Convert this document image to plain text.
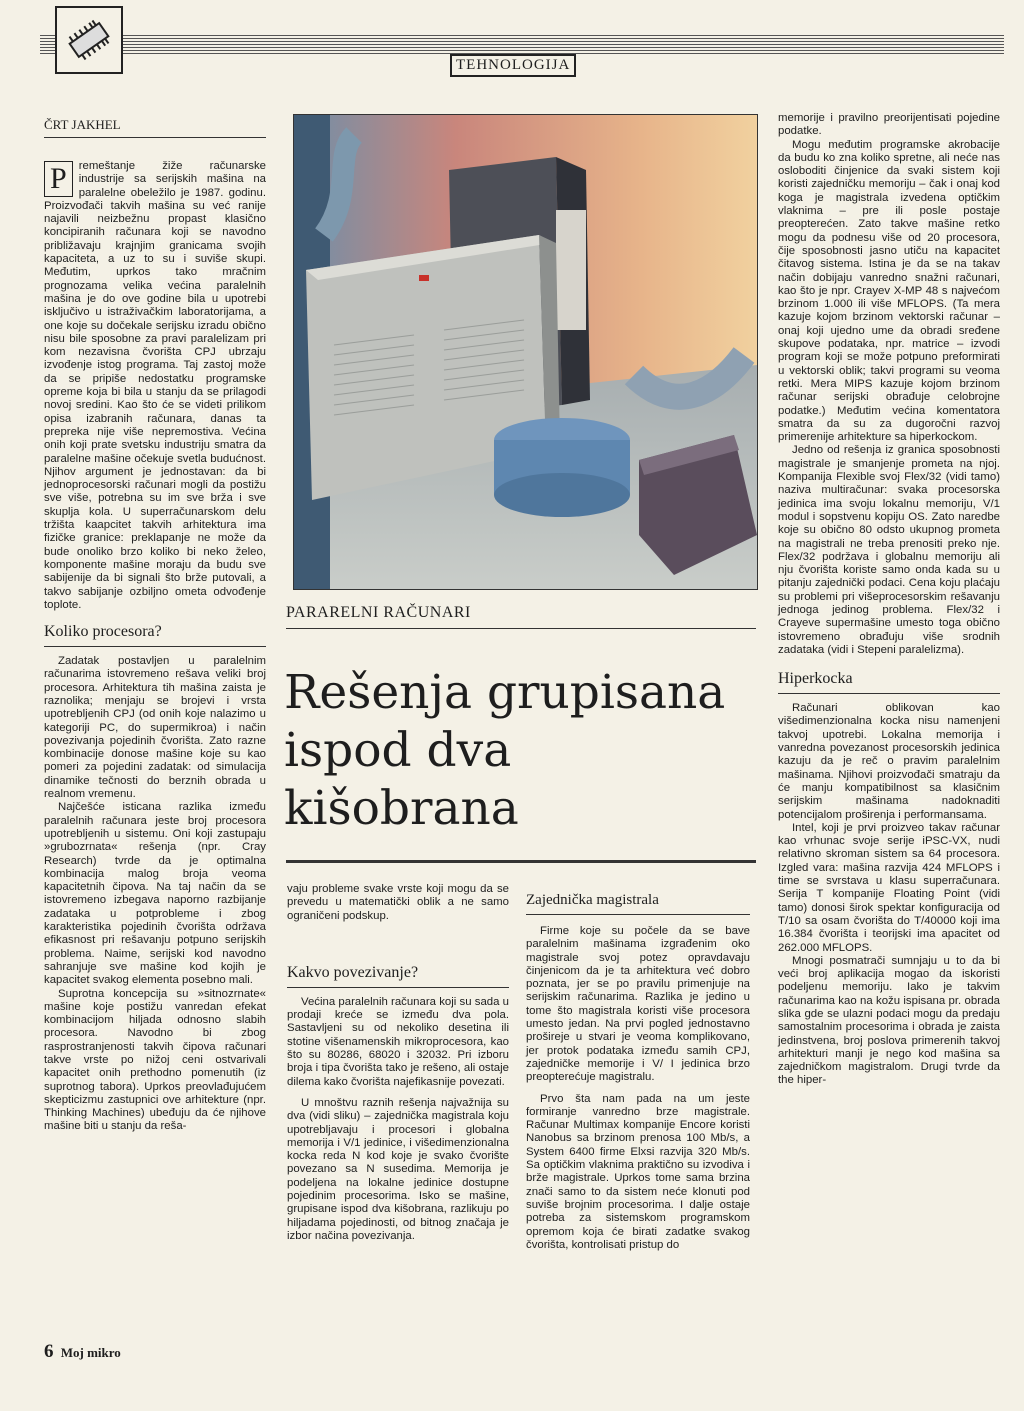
TEHNOLOGIJA
ČRT JAKHEL

P	remeštanje žiže računarske industrije sa serijskih mašina na paralelne obeležilo je 1987. godinu. Proizvođači takvih mašina su već ranije najavili neizbežnu propast klasično koncipiranih računara koji se navodno približavaju krajnjim granicama svojih kapaciteta, a uz to su i suviše skupi. Međutim, uprkos tako mračnim prognozama velika većina paralelnih mašina je do ove godine bila u upotrebi isključivo u istraživačkim laboratorijama, a one koje su dočekale serijsku izradu obično nisu bile sposobne za pravi paralelizam pri kom nezavisna čvorišta CPJ ubrzaju izvođenje istog programa. Taj zastoj može da se pripiše nedostatku programske opreme koja bi bila u stanju da se prilagodi novoj sredini. Kao što će se videti prilikom opisa izabranih računara, danas ta prepreka nije više nepremostiva. Većina onih koji prate svetsku industriju smatra da paralelne mašine očekuje svetla budućnost. Njihov argument je jednostavan: da bi jednoprocesorski računari mogli da postižu sve više, potrebna su im sve brža i sve skuplja kola. U superračunarskom delu tržišta kaapcitet takvih arhitektura ima fizičke granice: preklapanje ne može da bude onoliko brzo koliko bi neko želeo, komponente mašine moraju da budu sve sabijenije da bi signali što brže putovali, a takvo sabijanje ozbiljno ometa odvođenje toplote.

Koliko procesora?

Zadatak postavljen u paralelnim računarima istovremeno rešava veliki broj procesora. Arhitektura tih mašina zaista je raznolika; menjaju se brojevi i vrsta upotrebljenih CPJ (od onih koje nalazimo u kategoriji PC, do supermikroa) i način povezivanja pojedinih čvorišta. Zato razne kombinacije donose mašine koje su kao pomeri za pojedini zadatak: od simulacija dinamike tečnosti do berznih obrada u realnom vremenu.

Najčešće isticana razlika između paralelnih računara jeste broj procesora upotrebljenih u sistemu. Oni koji zastupaju »grubozrnata« rešenja (npr. Cray Research) tvrde da je optimalna kombinacija malog broja veoma kapacitetnih čipova. Na taj način da se istovremeno izbegava naporno razbijanje zadataka u potprobleme i zbog karakteristika pojedinih čvorišta održava efikasnost pri rešavanju potpuno serijskih problema. Naime, serijski kod navodno sahranjuje sve mašine kod kojih je kapacitet svakog elementa posebno mali.

Suprotna koncepcija su »sitnozrnate« mašine koje postižu vanredan efekat kombinacijom hiljada odnosno slabih procesora. Navodno bi zbog rasprostranjenosti takvih čipova računari takve vrste po nižoj ceni ostvarivali kapacitet onih prethodno pomenutih (iz suprotnog tabora). Uprkos preovlađujućem skepticizmu zastupnici ove arhitekture (npr. Thinking Machines) ubeđuju da će njihove mašine biti u stanju da reša-

PARARELNI RAČUNARI
Rešenja grupisana ispod dva kišobrana

vaju probleme svake vrste koji mogu da se prevedu u matematički oblik a ne samo ograničeni podskup.

Kakvo povezivanje?

Većina paralelnih računara koji su sada u prodaji kreće se između dva pola. Sastavljeni su od nekoliko desetina ili stotine višenamenskih mikroprocesora, kao što su 80286, 68020 i 32032. Pri izboru broja i tipa čvorišta tako je rešeno, ali ostaje dilema kako čvorišta najefikasnije povezati.

U mnoštvu raznih rešenja najvažnija su dva (vidi sliku) – zajednička magistrala koju upotrebljavaju i procesori i globalna memorija i V/1 jedinice, i višedimenzionalna kocka reda N kod koje je svako čvorište povezano sa N susedima. Memorija je podeljena na lokalne jedinice dostupne pojedinim procesorima. Isko se mašine, grupisane ispod dva kišobrana, razlikuju po hiljadama pojedinosti, od bitnog značaja je izbor načina povezivanja.

Zajednička magistrala

Firme koje su počele da se bave paralelnim mašinama izgrađenim oko magistrale svoj potez opravdavaju činjenicom da je ta arhitektura već dobro poznata, jer se po pravilu primenjuje na serijskim računarima. Razlika je jedino u tome što magistrala koristi više procesora umesto jedan. Na prvi pogled jednostavno prošireje u stvari je veoma komplikovano, jer protok podataka između samih CPJ, zajedničke memorije i V/ I jedinica brzo preopterećuje magistralu.

Prvo šta nam pada na um jeste formiranje vanredno brze magistrale. Računar Multimax kompanije Encore koristi Nanobus sa brzinom prenosa 100 Mb/s, a System 6400 firme Elxsi razvija 320 Mb/s. Sa optičkim vlaknima praktično su izvodiva i brže magistrale. Uprkos tome sama brzina znači samo to da sistem neće klonuti pod suviše brojnim procesorima. I dalje ostaje potreba za sistemskom programskom opremom koja će birati zadatke svakog čvorišta, kontrolisati pristup do

memorije i pravilno preorijentisati pojedine podatke.

Mogu međutim programske akrobacije da budu ko zna koliko spretne, ali neće nas osloboditi činjenice da svaki sistem koji koristi zajedničku memoriju – čak i onaj kod koga je magistrala izvedena optičkim vlaknima – pre ili posle postaje preopterećen. Zato takve mašine retko mogu da podnesu više od 20 procesora, čije sposobnosti jasno utiču na kapacitet čitavog sistema. Istina je da se na takav način dobijaju vanredno snažni računari, kao što je npr. Crayev X-MP 48 s najvećom brzinom 1.000 ili više MFLOPS. (Ta mera kazuje kojom brzinom vektorski računar – onaj koji ujedno ume da obradi sređene skupove podataka, npr. matrice – izvodi program koji se može potpuno preformirati u vektorski oblik; takvi programi su veoma retki. Mera MIPS kazuje kojom brzinom računar serijski obrađuje celobrojne podatke.) Međutim većina komentatora smatra da su za dugoročni razvoj primerenije arhitekture sa hiperkockom.

Jedno od rešenja iz granica sposobnosti magistrale je smanjenje prometa na njoj. Kompanija Flexible svoj Flex/32 (vidi tamo) naziva multiračunar: svaka procesorska jedinica ima svoju lokalnu memoriju, V/1 modul i sopstvenu kopiju OS. Zato naredbe koje su obično 80 odsto ukupnog prometa na magistrali ne treba prenositi preko nje. Flex/32 podržava i globalnu memoriju ali nju čvorišta koriste samo onda kada su u pitanju zajednički podaci. Cena koju plaćaju su problemi pri višeprocesorskim rešavanju jednoga jedinog problema. Flex/32 i Crayeve supermašine umesto toga obično istovremeno obrađuju više srodnih zadataka (vidi i Stepeni paralelizma).

Hiperkocka

Računari oblikovan kao višedimenzionalna kocka nisu namenjeni takvoj upotrebi. Lokalna memorija i vanredna povezanost procesorskih jedinica kazuju da je reč o pravim paralelnim mašinama. Njihovi proizvođači smatraju da će manju kompatibilnost sa klasičnim serijskim mašinama nadoknaditi potencijalom proširenja i performansama.

Intel, koji je prvi proizveo takav računar kao vrhunac svoje serije iPSC-VX, nudi relativno skroman sistem sa 64 procesora. Izgled vara: mašina razvija 424 MFLOPS i time se svrstava u klasu superračunara. Serija T kompanije Floating Point (vidi tamo) donosi širok spektar konfiguracija od T/10 sa osam čvorišta do T/40000 koji ima 16.384 čvorišta i teorijski ima apacitet od 262.000 MFLOPS.

Mnogi posmatrači sumnjaju u to da bi veći broj aplikacija mogao da iskoristi podeljenu memoriju. Iako je takvim računarima kao na kožu ispisana pr. obrada slika gde se ulazni podaci mogu da predaju samostalnim procesorima i obrada je zaista jedinstvena, broj poslova primerenih takvoj arhitekturi manji je nego kod mašina sa zajedničkom magistralom. Drugi tvrde da the hiper-

6 Moj mikro
